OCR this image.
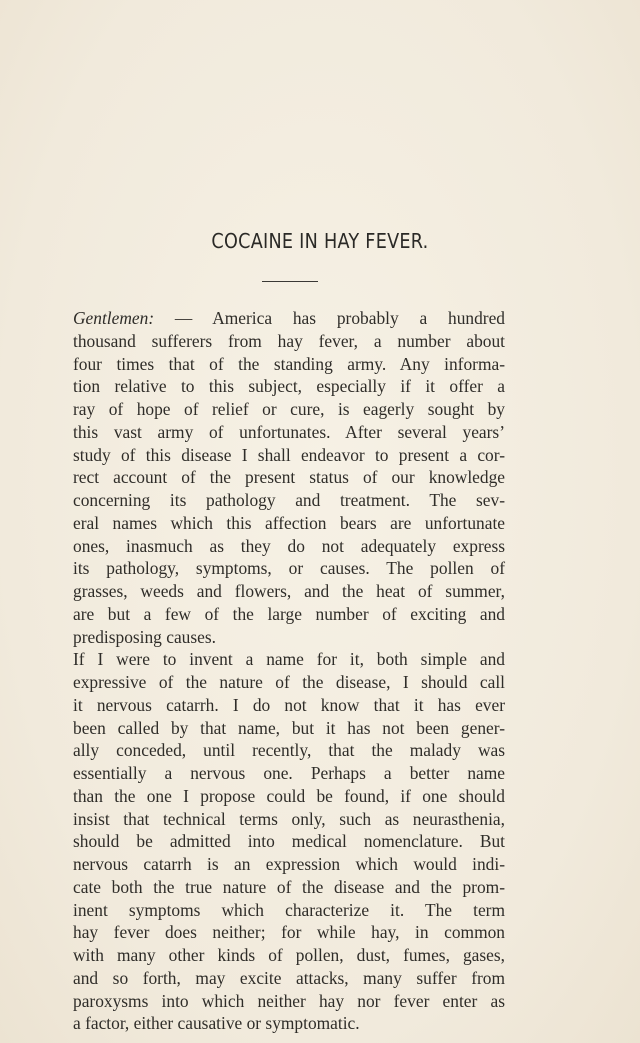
COCAINE IN HAY FEVER.
Gentlemen: — America has probably a hundred
thousand sufferers from hay fever, a number about
four times that of the standing army. Any informa-
tion relative to this subject, especially if it offer a
ray of hope of relief or cure, is eagerly sought by
this vast army of unfortunates. After several years’
study of this disease I shall endeavor to present a cor-
rect account of the present status of our knowledge
concerning its pathology and treatment. The sev-
eral names which this affection bears are unfortunate
ones, inasmuch as they do not adequately express
its pathology, symptoms, or causes. The pollen of
grasses, weeds and flowers, and the heat of summer,
are but a few of the large number of exciting and
predisposing causes.
If I were to invent a name for it, both simple and
expressive of the nature of the disease, I should call
it nervous catarrh. I do not know that it has ever
been called by that name, but it has not been gener-
ally conceded, until recently, that the malady was
essentially a nervous one. Perhaps a better name
than the one I propose could be found, if one should
insist that technical terms only, such as neurasthenia,
should be admitted into medical nomenclature. But
nervous catarrh is an expression which would indi-
cate both the true nature of the disease and the prom-
inent symptoms which characterize it. The term
hay fever does neither; for while hay, in common
with many other kinds of pollen, dust, fumes, gases,
and so forth, may excite attacks, many suffer from
paroxysms into which neither hay nor fever enter as
a factor, either causative or symptomatic.
